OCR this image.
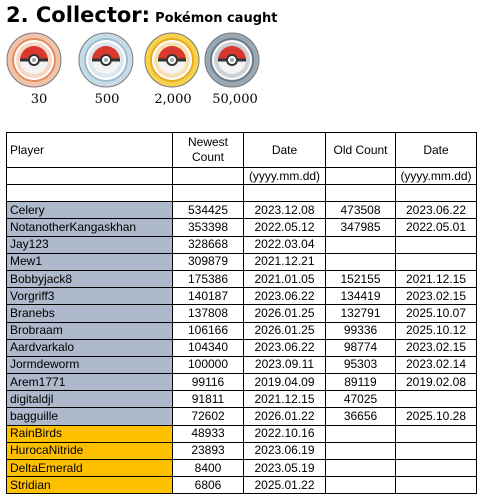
2. Collector: Pokémon caught
30	500	2,000	50,000
Player	Newest Count	Date	Old Count	Date
		(yyyy.mm.dd)		(yyyy.mm.dd)

Celery	534425	2023.12.08	473508	2023.06.22
NotanotherKangaskhan	353398	2022.05.12	347985	2022.05.01
Jay123	328668	2022.03.04		
Mew1	309879	2021.12.21		
Bobbyjack8	175386	2021.01.05	152155	2021.12.15
Vorgriff3	140187	2023.06.22	134419	2023.02.15
Branebs	137808	2026.01.25	132791	2025.10.07
Brobraam	106166	2026.01.25	99336	2025.10.12
Aardvarkalo	104340	2023.06.22	98774	2023.02.15
Jormdeworm	100000	2023.09.11	95303	2023.02.14
Arem1771	99116	2019.04.09	89119	2019.02.08
digitaldjl	91811	2021.12.15	47025	
bagguille	72602	2026.01.22	36656	2025.10.28
RainBirds	48933	2022.10.16		
HurocaNitride	23893	2023.06.19		
DeltaEmerald	8400	2023.05.19		
Stridian	6806	2025.01.22		
